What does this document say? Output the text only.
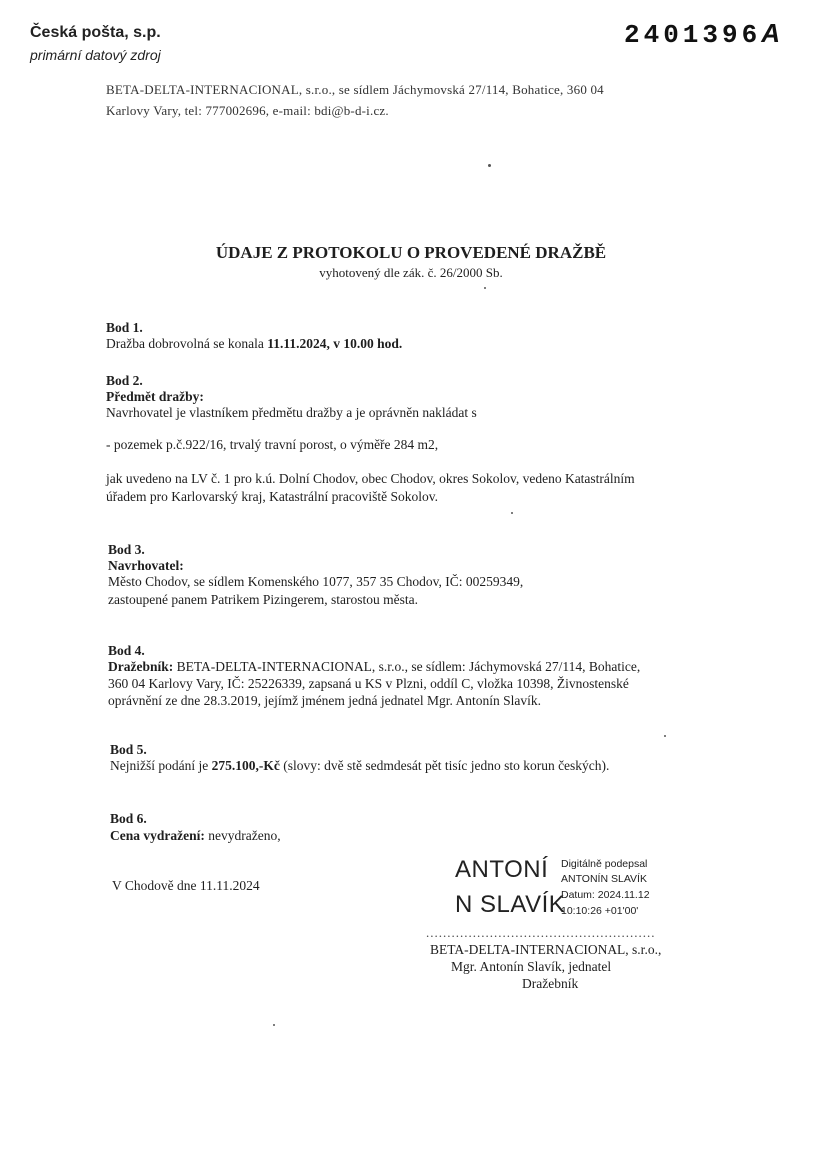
Česká pošta, s.p.
primární datový zdroj
2401396A
BETA-DELTA-INTERNACIONAL, s.r.o., se sídlem Jáchymovská 27/114, Bohatice, 360 04
Karlovy Vary, tel: 777002696, e-mail: bdi@b-d-i.cz.
ÚDAJE Z PROTOKOLU O PROVEDENÉ DRAŽBĚ
vyhotovený dle zák. č. 26/2000 Sb.
Bod 1.
Dražba dobrovolná se konala 11.11.2024, v 10.00 hod.
Bod 2.
Předmět dražby:
Navrhovatel je vlastníkem předmětu dražby a je oprávněn nakládat s
- pozemek p.č.922/16, trvalý travní porost, o výměře 284 m2,
jak uvedeno na LV č. 1 pro k.ú. Dolní Chodov, obec Chodov, okres Sokolov, vedeno Katastrálním
úřadem pro Karlovarský kraj, Katastrální pracoviště Sokolov.
Bod 3.
Navrhovatel:
Město Chodov, se sídlem Komenského 1077, 357 35 Chodov, IČ: 00259349,
zastoupené panem Patrikem Pizingerem, starostou města.
Bod 4.
Dražebník: BETA-DELTA-INTERNACIONAL, s.r.o., se sídlem: Jáchymovská 27/114, Bohatice,
360 04 Karlovy Vary, IČ: 25226339, zapsaná u KS v Plzni, oddíl C, vložka 10398, Živnostenské
oprávnění ze dne 28.3.2019, jejímž jménem jedná jednatel Mgr. Antonín Slavík.
Bod 5.
Nejnižší podání je 275.100,-Kč (slovy: dvě stě sedmdesát pět tisíc jedno sto korun českých).
Bod 6.
Cena vydražení: nevydraženo,
V Chodově dne 11.11.2024
ANTONÍ
N SLAVÍK
Digitálně podepsal
ANTONÍN SLAVÍK
Datum: 2024.11.12
10:10:26 +01'00'
......................................................
BETA-DELTA-INTERNACIONAL, s.r.o.,
Mgr. Antonín Slavík, jednatel
Dražebník
